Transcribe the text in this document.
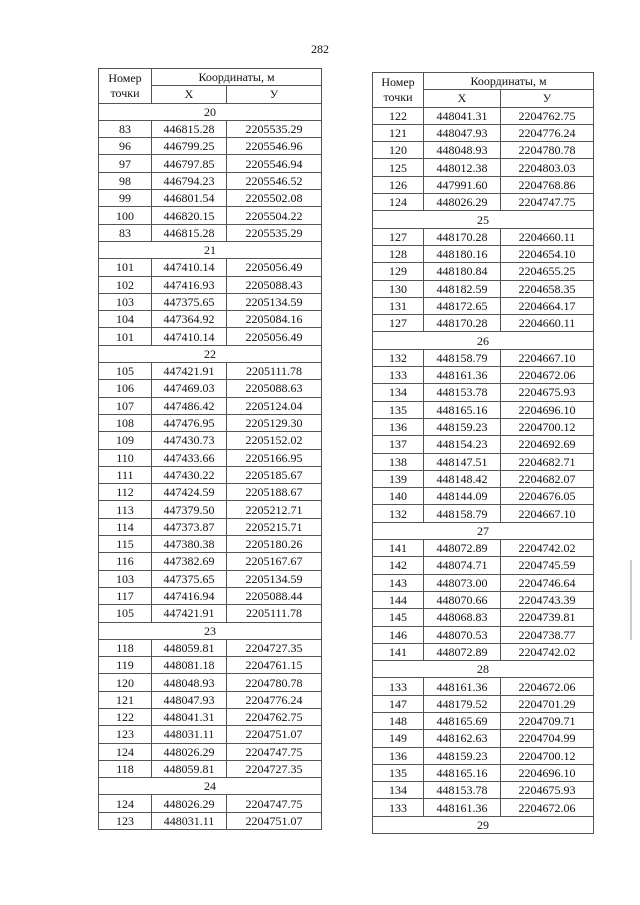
282
Номер
точки	Координаты, м	
	X	У
20		
83	446815.28	2205535.29
96	446799.25	2205546.96
97	446797.85	2205546.94
98	446794.23	2205546.52
99	446801.54	2205502.08
100	446820.15	2205504.22
83	446815.28	2205535.29
21		
101	447410.14	2205056.49
102	447416.93	2205088.43
103	447375.65	2205134.59
104	447364.92	2205084.16
101	447410.14	2205056.49
22		
105	447421.91	2205111.78
106	447469.03	2205088.63
107	447486.42	2205124.04
108	447476.95	2205129.30
109	447430.73	2205152.02
110	447433.66	2205166.95
111	447430.22	2205185.67
112	447424.59	2205188.67
113	447379.50	2205212.71
114	447373.87	2205215.71
115	447380.38	2205180.26
116	447382.69	2205167.67
103	447375.65	2205134.59
117	447416.94	2205088.44
105	447421.91	2205111.78
23		
118	448059.81	2204727.35
119	448081.18	2204761.15
120	448048.93	2204780.78
121	448047.93	2204776.24
122	448041.31	2204762.75
123	448031.11	2204751.07
124	448026.29	2204747.75
118	448059.81	2204727.35
24		
124	448026.29	2204747.75
123	448031.11	2204751.07
Номер
точки	Координаты, м	
	X	У
122	448041.31	2204762.75
121	448047.93	2204776.24
120	448048.93	2204780.78
125	448012.38	2204803.03
126	447991.60	2204768.86
124	448026.29	2204747.75
25		
127	448170.28	2204660.11
128	448180.16	2204654.10
129	448180.84	2204655.25
130	448182.59	2204658.35
131	448172.65	2204664.17
127	448170.28	2204660.11
26		
132	448158.79	2204667.10
133	448161.36	2204672.06
134	448153.78	2204675.93
135	448165.16	2204696.10
136	448159.23	2204700.12
137	448154.23	2204692.69
138	448147.51	2204682.71
139	448148.42	2204682.07
140	448144.09	2204676.05
132	448158.79	2204667.10
27		
141	448072.89	2204742.02
142	448074.71	2204745.59
143	448073.00	2204746.64
144	448070.66	2204743.39
145	448068.83	2204739.81
146	448070.53	2204738.77
141	448072.89	2204742.02
28		
133	448161.36	2204672.06
147	448179.52	2204701.29
148	448165.69	2204709.71
149	448162.63	2204704.99
136	448159.23	2204700.12
135	448165.16	2204696.10
134	448153.78	2204675.93
133	448161.36	2204672.06
29		
